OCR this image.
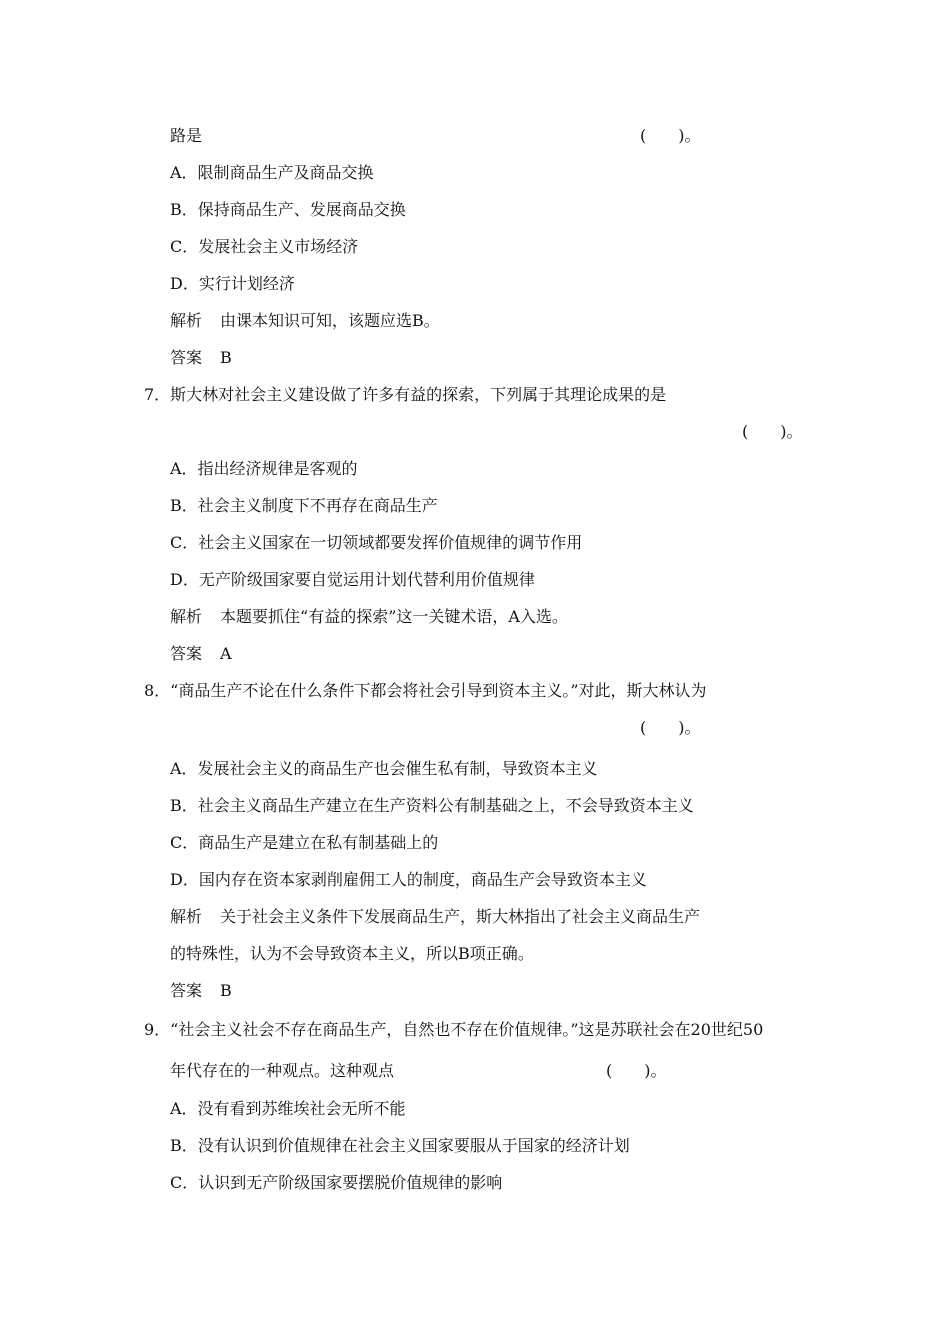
路是	(　　)。
A．限制商品生产及商品交换
B．保持商品生产、发展商品交换
C．发展社会主义市场经济
D．实行计划经济
解析 由课本知识可知，该题应选B。
答案 B
7．斯大林对社会主义建设做了许多有益的探索，下列属于其理论成果的是
(　　)。
A．指出经济规律是客观的
B．社会主义制度下不再存在商品生产
C．社会主义国家在一切领域都要发挥价值规律的调节作用
D．无产阶级国家要自觉运用计划代替利用价值规律
解析 本题要抓住“有益的探索”这一关键术语，A入选。
答案 A
8．“商品生产不论在什么条件下都会将社会引导到资本主义。”对此，斯大林认为
(　　)。
A．发展社会主义的商品生产也会催生私有制，导致资本主义
B．社会主义商品生产建立在生产资料公有制基础之上，不会导致资本主义
C．商品生产是建立在私有制基础上的
D．国内存在资本家剥削雇佣工人的制度，商品生产会导致资本主义
解析 关于社会主义条件下发展商品生产，斯大林指出了社会主义商品生产
的特殊性，认为不会导致资本主义，所以B项正确。
答案 B
9．“社会主义社会不存在商品生产，自然也不存在价值规律。”这是苏联社会在20世纪50
年代存在的一种观点。这种观点	(　　)。
A．没有看到苏维埃社会无所不能
B．没有认识到价值规律在社会主义国家要服从于国家的经济计划
C．认识到无产阶级国家要摆脱价值规律的影响
